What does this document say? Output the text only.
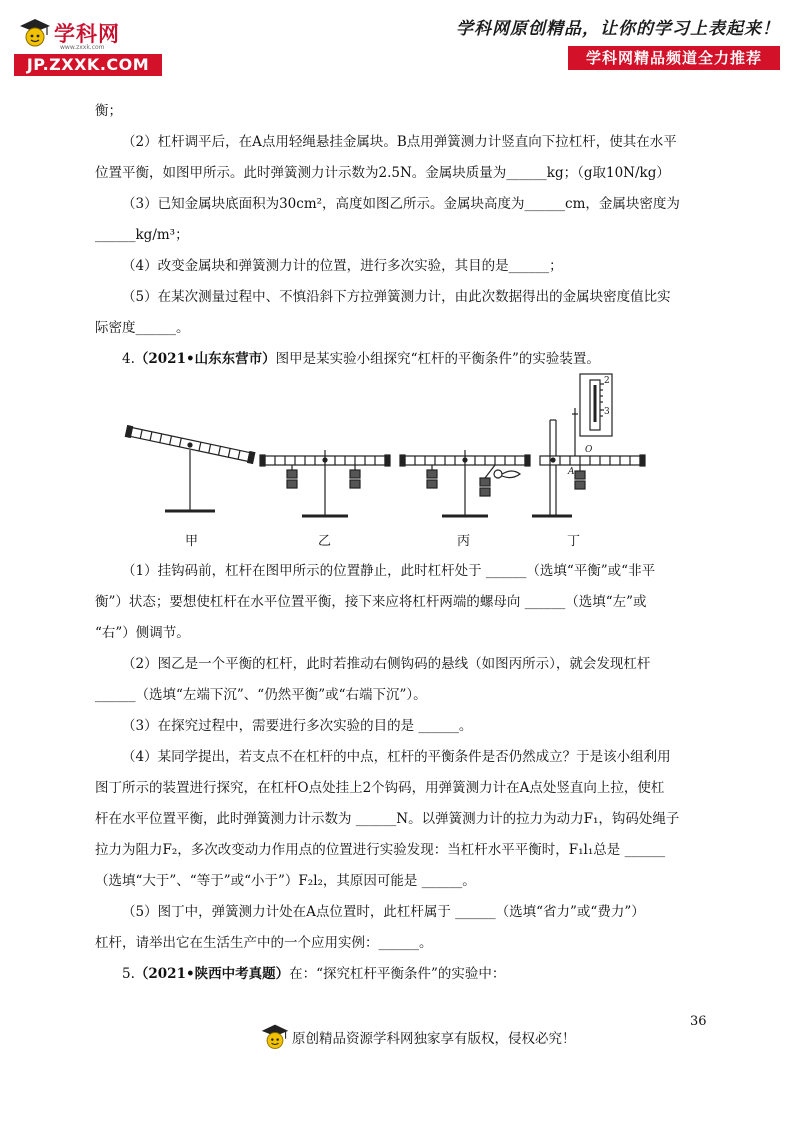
学科网
www.zxxk.com
JP.ZXXK.COM
学科网原创精品，让你的学习上表起来！
学科网精品频道全力推荐

衡；

（2）杠杆调平后，在A点用轻绳悬挂金属块。B点用弹簧测力计竖直向下拉杠杆，使其在水平

位置平衡，如图甲所示。此时弹簧测力计示数为2.5N。金属块质量为______kg；（g取10N/kg）

（3）已知金属块底面积为30cm²，高度如图乙所示。金属块高度为______cm，金属块密度为

______kg/m³；

（4）改变金属块和弹簧测力计的位置，进行多次实验，其目的是______；

（5）在某次测量过程中、不慎沿斜下方拉弹簧测力计，由此次数据得出的金属块密度值比实

际密度______。

4.（2021•山东东营市）图甲是某实验小组探究“杠杆的平衡条件”的实验装置。

2
3
O
A
甲	乙	丙	丁

（1）挂钩码前，杠杆在图甲所示的位置静止，此时杠杆处于 ______（选填“平衡”或“非平

衡”）状态；要想使杠杆在水平位置平衡，接下来应将杠杆两端的螺母向 ______（选填“左”或

“右”）侧调节。

（2）图乙是一个平衡的杠杆，此时若推动右侧钩码的悬线（如图丙所示），就会发现杠杆

______（选填“左端下沉”、“仍然平衡”或“右端下沉”）。

（3）在探究过程中，需要进行多次实验的目的是 ______。

（4）某同学提出，若支点不在杠杆的中点，杠杆的平衡条件是否仍然成立？于是该小组利用

图丁所示的装置进行探究，在杠杆O点处挂上2个钩码，用弹簧测力计在A点处竖直向上拉，使杠

杆在水平位置平衡，此时弹簧测力计示数为 ______N。以弹簧测力计的拉力为动力F₁，钩码处绳子

拉力为阻力F₂，多次改变动力作用点的位置进行实验发现：当杠杆水平平衡时，F₁l₁总是 ______

（选填“大于”、“等于”或“小于”）F₂l₂，其原因可能是 ______。

（5）图丁中，弹簧测力计处在A点位置时，此杠杆属于 ______（选填“省力”或“费力”）

杠杆，请举出它在生活生产中的一个应用实例：______。

5.（2021•陕西中考真题）在：“探究杠杆平衡条件”的实验中：

36
原创精品资源学科网独家享有版权，侵权必究！
